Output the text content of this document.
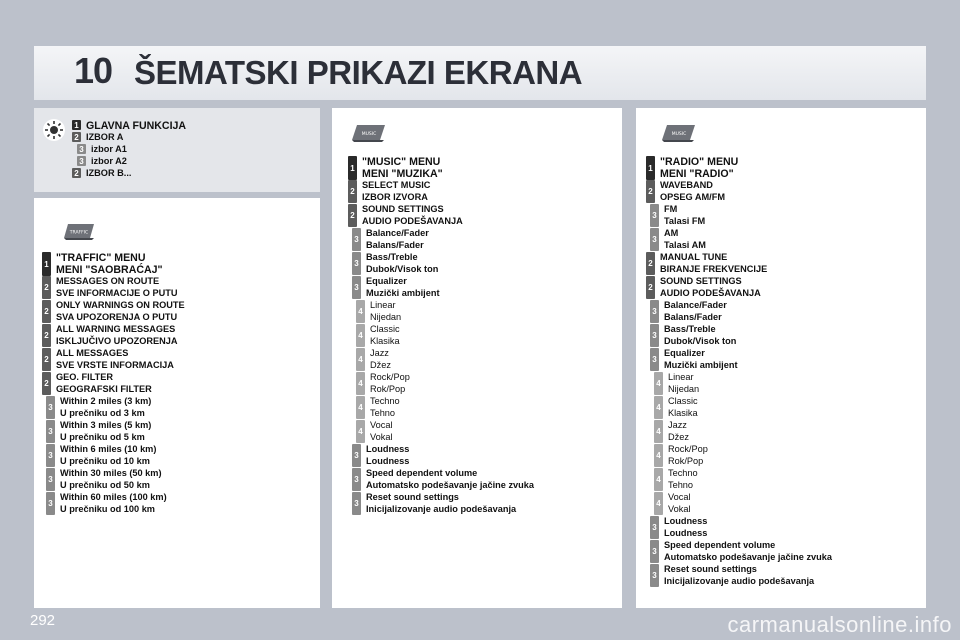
10 ŠEMATSKI PRIKAZI EKRANA
1 GLAVNA FUNKCIJA
2 IZBOR A
3 izbor A1
3 izbor A2
2 IZBOR B...
TRAFFIC
1 "TRAFFIC" MENU
MENI "SAOBRAĆAJ"
2
MESSAGES ON ROUTE
SVE INFORMACIJE O PUTU
2
ONLY WARNINGS ON ROUTE
SVA UPOZORENJA O PUTU
2
ALL WARNING MESSAGES
ISKLJUČIVO UPOZORENJA
2
ALL MESSAGES
SVE VRSTE INFORMACIJA
2
GEO. FILTER
GEOGRAFSKI FILTER
3
Within 2 miles (3 km)
U prečniku od 3 km
3
Within 3 miles (5 km)
U prečniku od 5 km
3
Within 6 miles (10 km)
U prečniku od 10 km
3
Within 30 miles (50 km)
U prečniku od 50 km
3
Within 60 miles (100 km)
U prečniku od 100 km
MUSIC
1 "MUSIC" MENU
MENI "MUZIKA"
2
SELECT MUSIC
IZBOR IZVORA
2
SOUND SETTINGS
AUDIO PODEŠAVANJA
3
Balance/Fader
Balans/Fader
3
Bass/Treble
Dubok/Visok ton
3
Equalizer
Muzički ambijent
4
Linear
Nijedan
4
Classic
Klasika
4
Jazz
Džez
4
Rock/Pop
Rok/Pop
4
Techno
Tehno
4
Vocal
Vokal
3
Loudness
Loudness
3
Speed dependent volume
Automatsko podešavanje jačine zvuka
3
Reset sound settings
Inicijalizovanje audio podešavanja
MUSIC
1 "RADIO" MENU
MENI "RADIO"
2
WAVEBAND
OPSEG AM/FM
3
FM
Talasi FM
3
AM
Talasi AM
2
MANUAL TUNE
BIRANJE FREKVENCIJE
2
SOUND SETTINGS
AUDIO PODEŠAVANJA
3
Balance/Fader
Balans/Fader
3
Bass/Treble
Dubok/Visok ton
3
Equalizer
Muzički ambijent
4
Linear
Nijedan
4
Classic
Klasika
4
Jazz
Džez
4
Rock/Pop
Rok/Pop
4
Techno
Tehno
4
Vocal
Vokal
3
Loudness
Loudness
3
Speed dependent volume
Automatsko podešavanje jačine zvuka
3
Reset sound settings
Inicijalizovanje audio podešavanja
292	carmanualsonline.info
